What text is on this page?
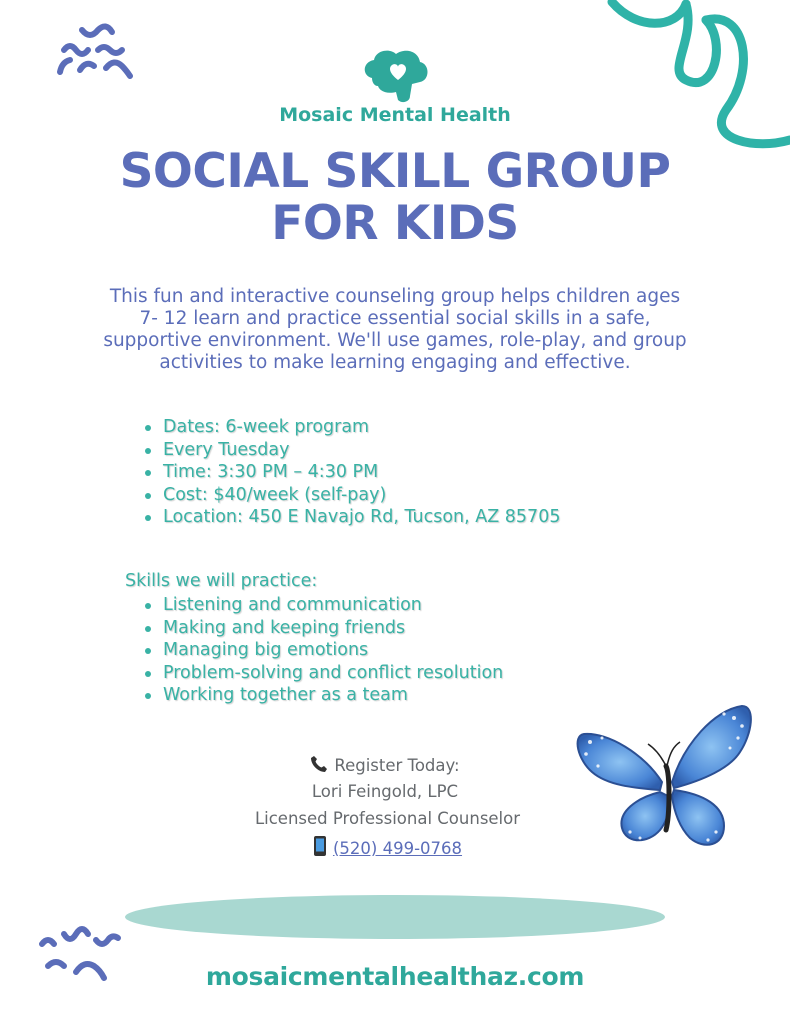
Mosaic Mental Health
SOCIAL SKILL GROUP
FOR KIDS
This fun and interactive counseling group helps children ages
7- 12 learn and practice essential social skills in a safe,
supportive environment. We'll use games, role-play, and group
activities to make learning engaging and effective.
Dates: 6-week program
Every Tuesday
Time: 3:30 PM – 4:30 PM
Cost: $40/week (self-pay)
Location: 450 E Navajo Rd, Tucson, AZ 85705
Skills we will practice:
Listening and communication
Making and keeping friends
Managing big emotions
Problem-solving and conflict resolution
Working together as a team
Register Today:
Lori Feingold, LPC
Licensed Professional Counselor
(520) 499-0768
mosaicmentalhealthaz.com
